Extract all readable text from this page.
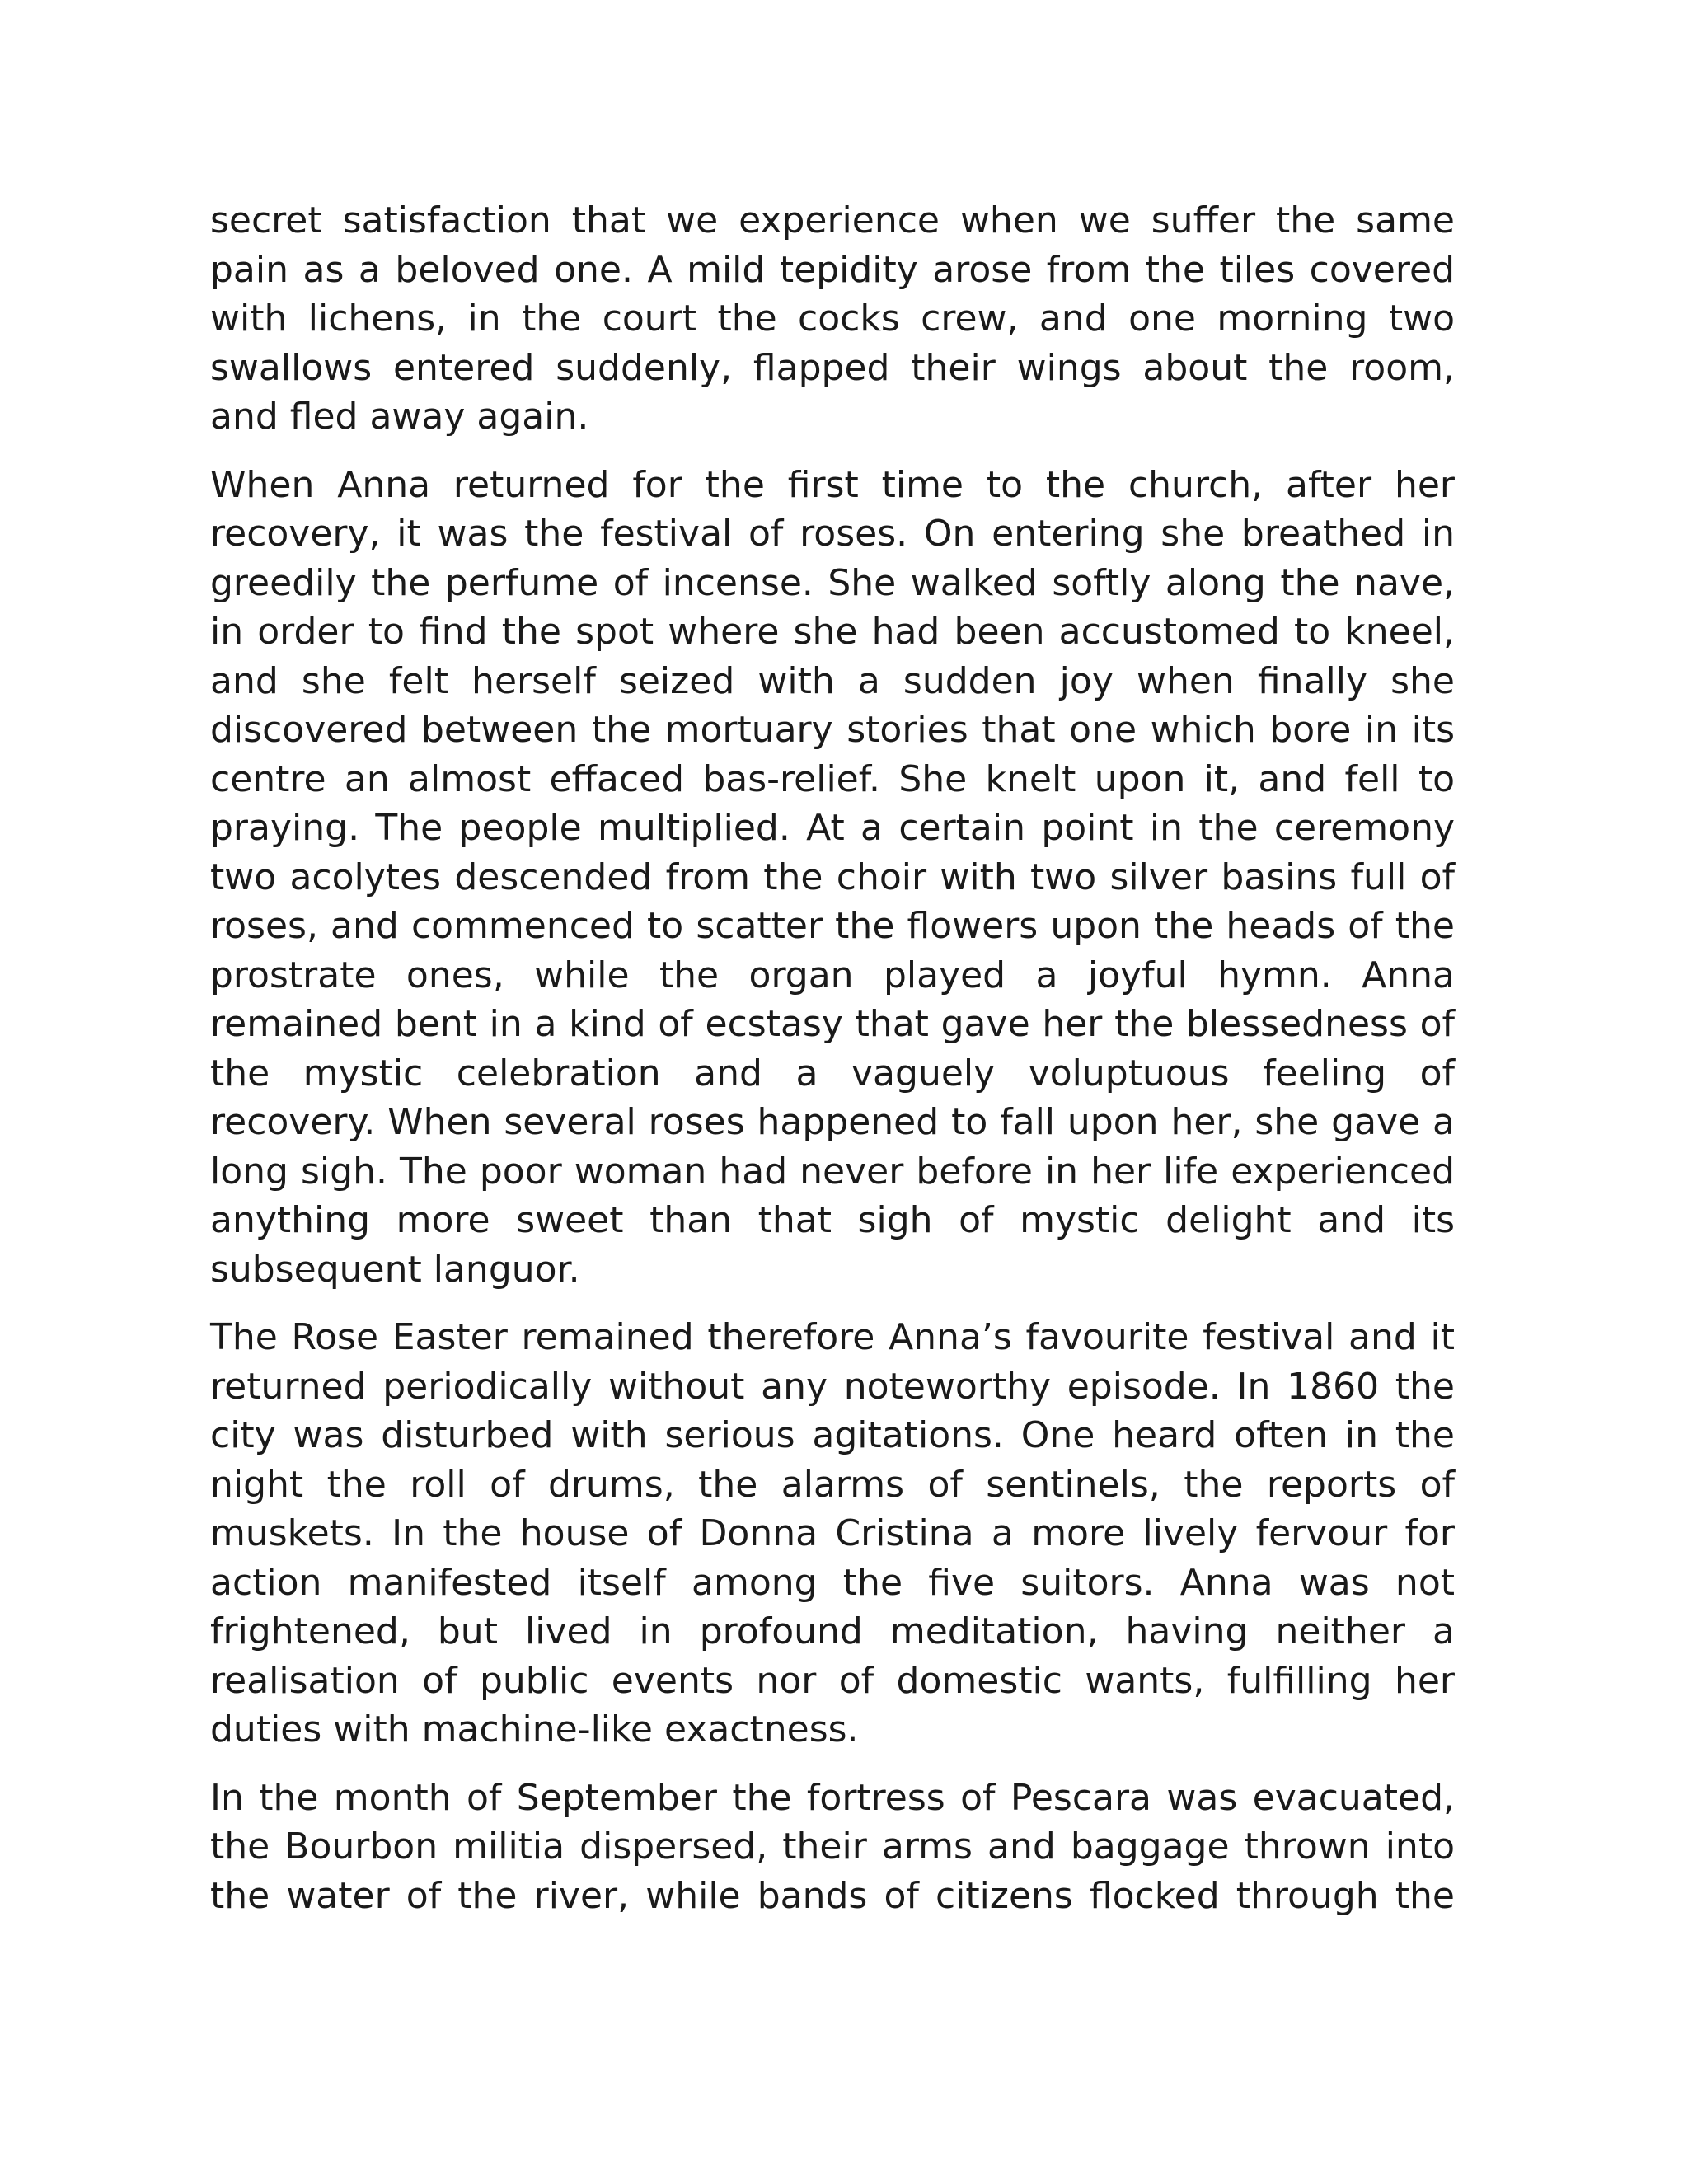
secret satisfaction that we experience when we suffer the same pain as a beloved one. A mild tepidity arose from the tiles covered with lichens, in the court the cocks crew, and one morning two swallows entered suddenly, flapped their wings about the room, and fled away again.

When Anna returned for the first time to the church, after her recovery, it was the festival of roses. On entering she breathed in greedily the perfume of incense. She walked softly along the nave, in order to find the spot where she had been accustomed to kneel, and she felt herself seized with a sudden joy when finally she discovered between the mortuary stories that one which bore in its centre an almost effaced bas-relief. She knelt upon it, and fell to praying. The people multiplied. At a certain point in the ceremony two acolytes descended from the choir with two silver basins full of roses, and commenced to scatter the flowers upon the heads of the prostrate ones, while the organ played a joyful hymn. Anna remained bent in a kind of ecstasy that gave her the blessedness of the mystic celebration and a vaguely voluptuous feeling of recovery. When several roses happened to fall upon her, she gave a long sigh. The poor woman had never before in her life experienced anything more sweet than that sigh of mystic delight and its subsequent languor.

The Rose Easter remained therefore Anna’s favourite festival and it returned periodically without any noteworthy episode. In 1860 the city was disturbed with serious agitations. One heard often in the night the roll of drums, the alarms of sentinels, the reports of muskets. In the house of Donna Cristina a more lively fervour for action manifested itself among the five suitors. Anna was not frightened, but lived in profound meditation, having neither a realisation of public events nor of domestic wants, fulfilling her duties with machine-like exactness.

In the month of September the fortress of Pescara was evacuated, the Bourbon militia dispersed, their arms and baggage thrown into the water of the river, while bands of citizens flocked through the
